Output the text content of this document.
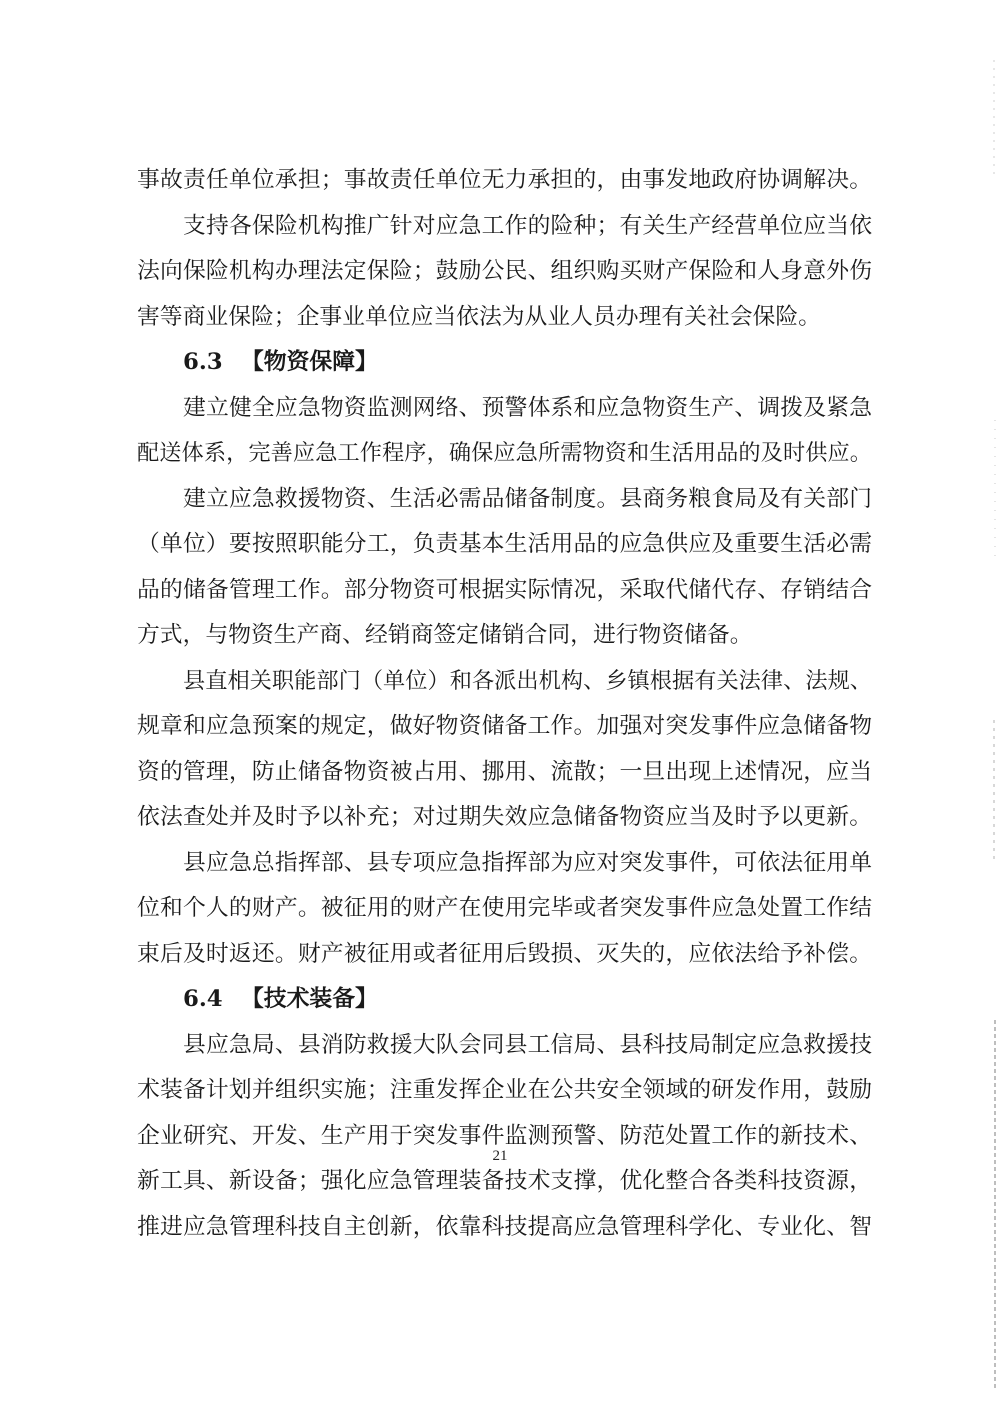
事故责任单位承担；事故责任单位无力承担的，由事发地政府协调解决。
支持各保险机构推广针对应急工作的险种；有关生产经营单位应当依
法向保险机构办理法定保险；鼓励公民、组织购买财产保险和人身意外伤
害等商业保险；企事业单位应当依法为从业人员办理有关社会保险。
6.3 【物资保障】
建立健全应急物资监测网络、预警体系和应急物资生产、调拨及紧急
配送体系，完善应急工作程序，确保应急所需物资和生活用品的及时供应。
建立应急救援物资、生活必需品储备制度。县商务粮食局及有关部门
（单位）要按照职能分工，负责基本生活用品的应急供应及重要生活必需
品的储备管理工作。部分物资可根据实际情况，采取代储代存、存销结合
方式，与物资生产商、经销商签定储销合同，进行物资储备。
县直相关职能部门（单位）和各派出机构、乡镇根据有关法律、法规、
规章和应急预案的规定，做好物资储备工作。加强对突发事件应急储备物
资的管理，防止储备物资被占用、挪用、流散；一旦出现上述情况，应当
依法查处并及时予以补充；对过期失效应急储备物资应当及时予以更新。
县应急总指挥部、县专项应急指挥部为应对突发事件，可依法征用单
位和个人的财产。被征用的财产在使用完毕或者突发事件应急处置工作结
束后及时返还。财产被征用或者征用后毁损、灭失的，应依法给予补偿。
6.4 【技术装备】
县应急局、县消防救援大队会同县工信局、县科技局制定应急救援技
术装备计划并组织实施；注重发挥企业在公共安全领域的研发作用，鼓励
企业研究、开发、生产用于突发事件监测预警、防范处置工作的新技术、
新工具、新设备；强化应急管理装备技术支撑，优化整合各类科技资源，
推进应急管理科技自主创新，依靠科技提高应急管理科学化、专业化、智
21
